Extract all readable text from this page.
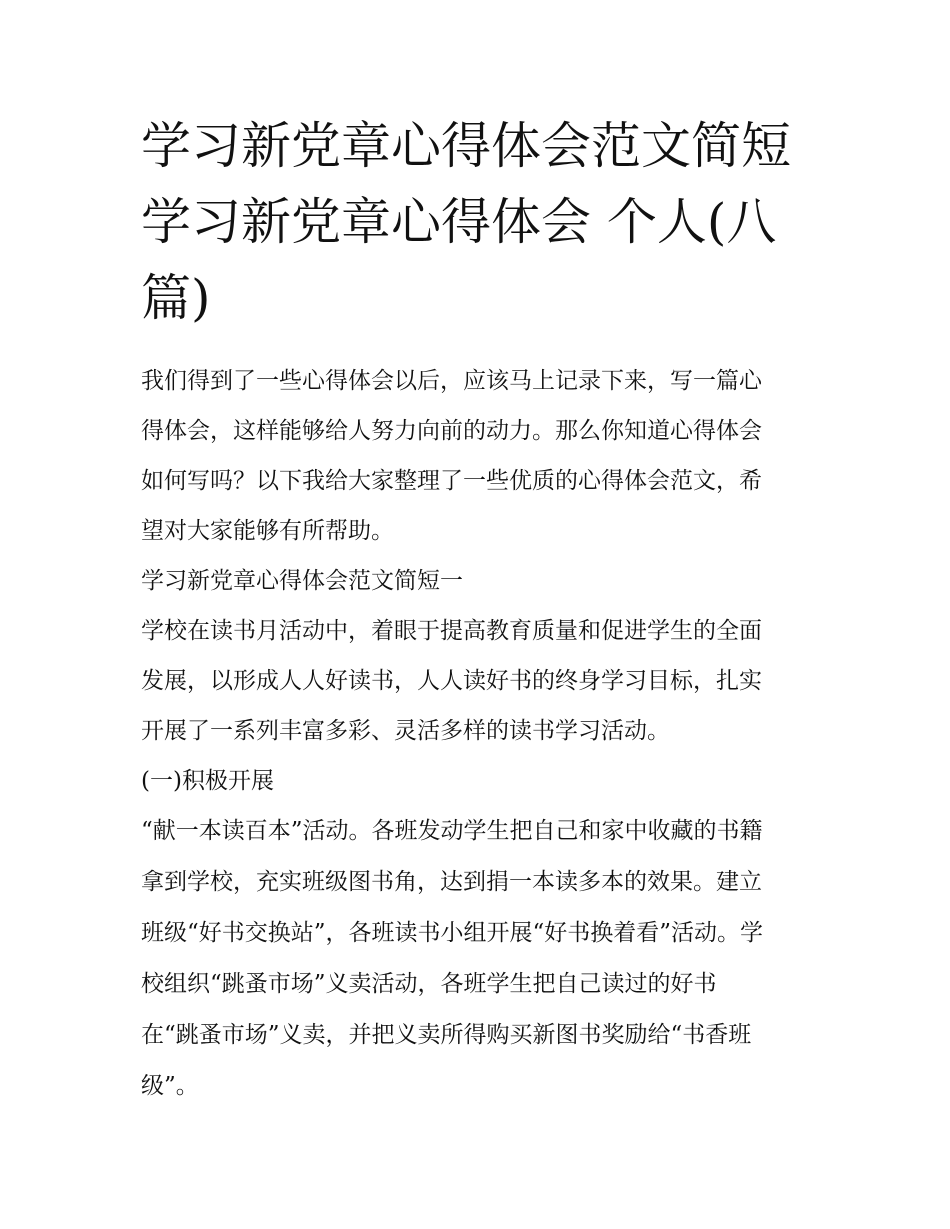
学习新党章心得体会范文简短
学习新党章心得体会 个人(八
篇)

我们得到了一些心得体会以后，应该马上记录下来，写一篇心

得体会，这样能够给人努力向前的动力。那么你知道心得体会

如何写吗？以下我给大家整理了一些优质的心得体会范文，希

望对大家能够有所帮助。

学习新党章心得体会范文简短一

学校在读书月活动中，着眼于提高教育质量和促进学生的全面

发展，以形成人人好读书，人人读好书的终身学习目标，扎实

开展了一系列丰富多彩、灵活多样的读书学习活动。

(一)积极开展

“献一本读百本”活动。各班发动学生把自己和家中收藏的书籍

拿到学校，充实班级图书角，达到捐一本读多本的效果。建立

班级“好书交换站”，各班读书小组开展“好书换着看”活动。学

校组织“跳蚤市场”义卖活动，各班学生把自己读过的好书

在“跳蚤市场”义卖，并把义卖所得购买新图书奖励给“书香班

级”。
